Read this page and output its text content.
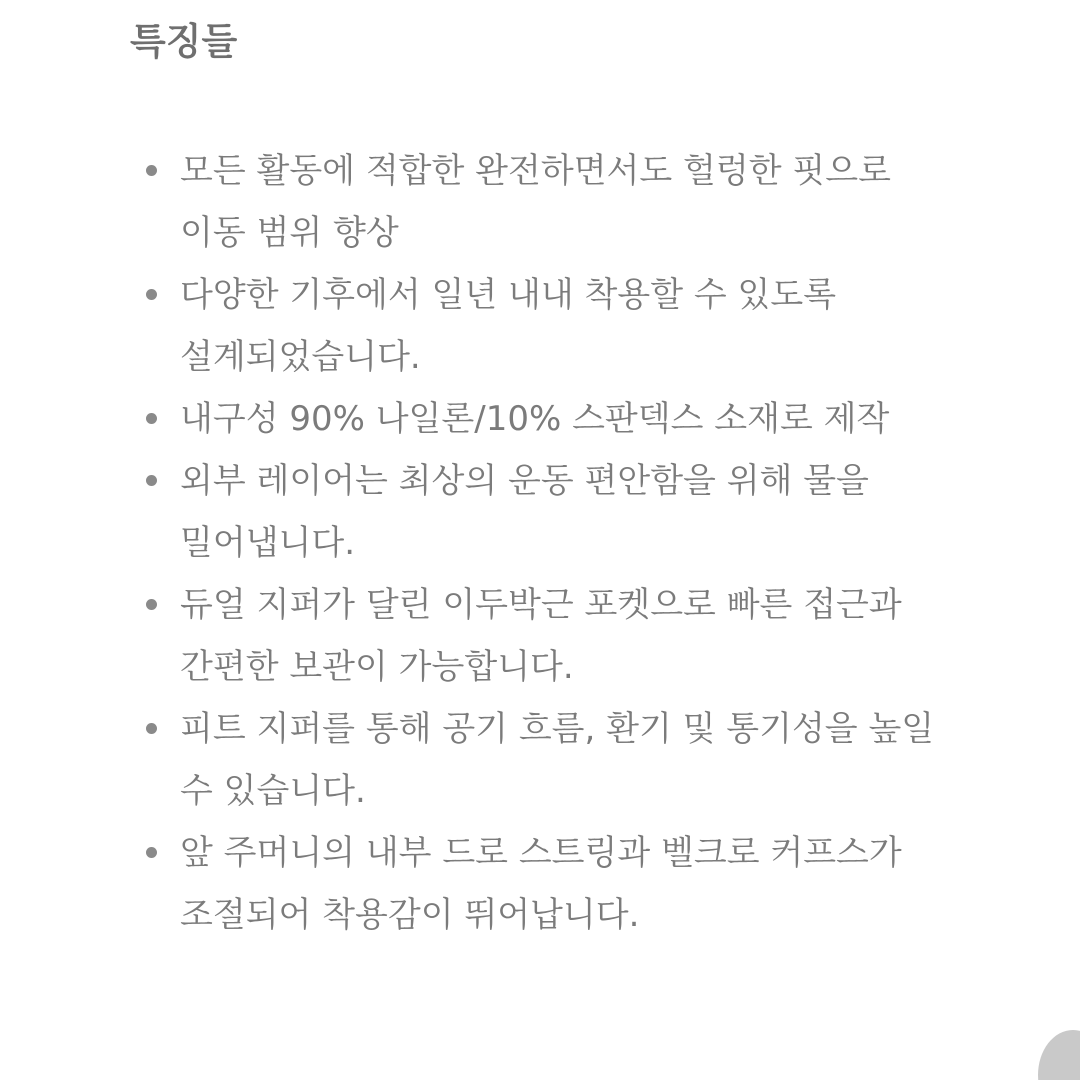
특징들
모든 활동에 적합한 완전하면서도 헐렁한 핏으로 이동 범위 향상
다양한 기후에서 일년 내내 착용할 수 있도록 설계되었습니다.
내구성 90% 나일론/10% 스판덱스 소재로 제작
외부 레이어는 최상의 운동 편안함을 위해 물을 밀어냅니다.
듀얼 지퍼가 달린 이두박근 포켓으로 빠른 접근과 간편한 보관이 가능합니다.
피트 지퍼를 통해 공기 흐름, 환기 및 통기성을 높일 수 있습니다.
앞 주머니의 내부 드로 스트링과 벨크로 커프스가 조절되어 착용감이 뛰어납니다.
